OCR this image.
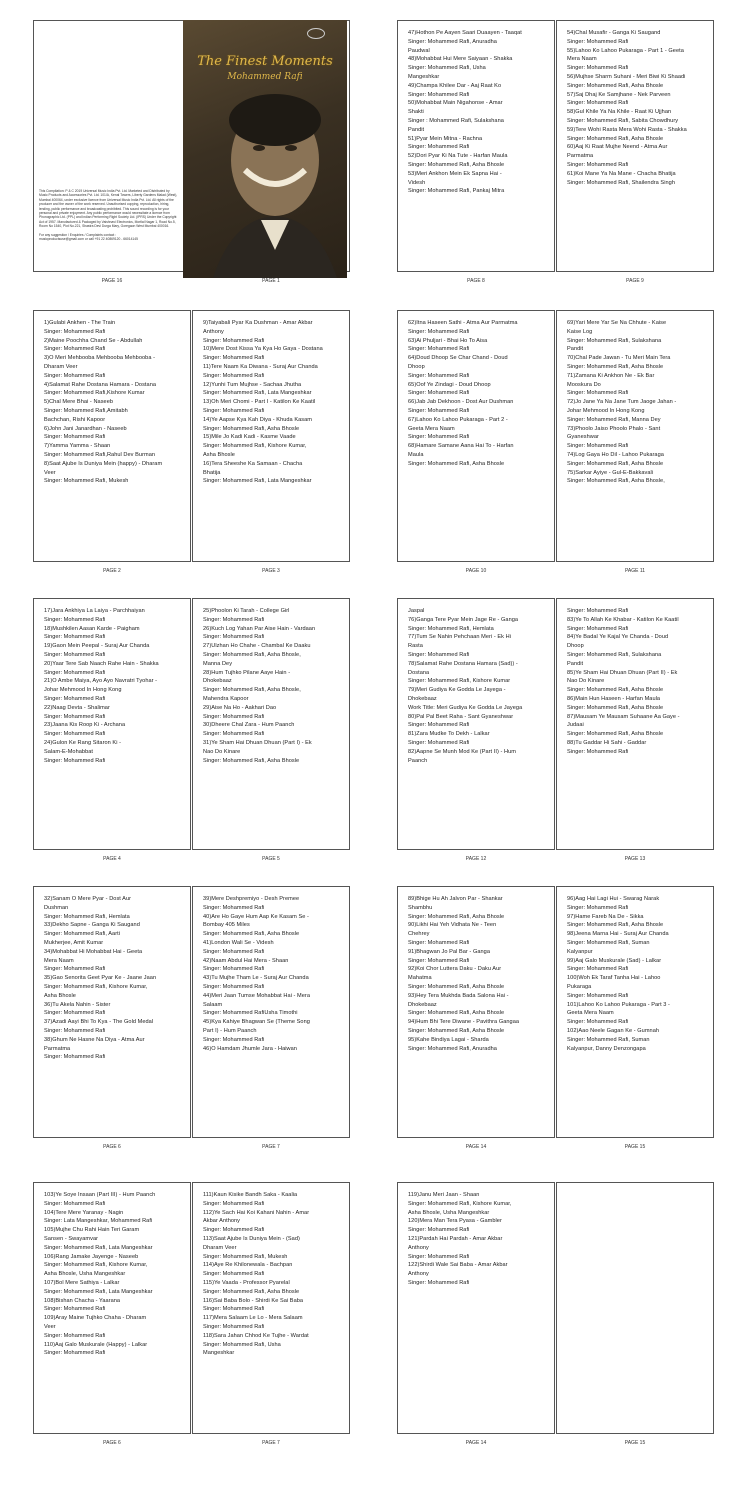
This Compilation: P & C 2019 Universal Music India Pvt. Ltd. Marketed and Distributed by Music Products and Accessories Pvt. Ltd. 101/A, Kenal Towers, Liberty Gardens Malad (West), Mumbai 400064, under exclusive licence from Universal Music India Pvt. Ltd. All rights of the producer and the owner of the work reserved. Unauthorised copying, reproduction, hiring, lending, public performance and broadcasting prohibited. This sound recording is for your personal and private enjoyment. Any public performance would necessitate a licence from Phonographic Ltd. (PPL) and Indian Performing Right Society Ltd. (IPRS) Under the Copyright Act of 1957. Manufactured & Packaged by Vaishnavi Electronics, Mortlal Nagar 1, Road No.5, Room No 1540, Plot No.221, Shastra Devi Durga Mary, Goregaon West Mumbai 400016.

For any suggestion / Enquiries / Complaints contact :
musicproductsuse@gmail.com or call +91 22 40869120 - 66014145
PAGE 16	PAGE 1
The Finest Moments
Mohammed Rafi
47)Hothon Pe Aayen Saari Duaayen - Taaqat
Singer: Mohammed Rafi, Anuradha
Paudwal
48)Mohabbat Hui Mere Saiyaan - Shakka
Singer: Mohammed Rafi, Usha
Mangeshkar
49)Champa Khilee Dar - Aaj Raat Ko
Singer: Mohammed Rafi
50)Mohabbat Main Nigahonse - Amar
Shakti
Singer : Mohammed Rafi, Sulakshana
Pandit
51)Pyar Mein Mitna - Rachna
Singer: Mohammed Rafi
52)Dori Pyar Ki Na Tute - Harfan Maula
Singer: Mohammed Rafi, Asha Bhosle
53)Meri Ankhon Mein Ek Sapna Hai -
Videsh
Singer: Mohammed Rafi, Pankaj Mitra
54)Chal Musafir - Ganga Ki Saugand
Singer: Mohammed Rafi
55)Lahoo Ko Lahoo Pukaraga - Part 1 - Geeta
Mera Naam
Singer: Mohammed Rafi
56)Mujhse Sharm Suhani - Meri Biwi Ki Shaadi
Singer: Mohammed Rafi, Asha Bhosle
57)Saj Dhaj Ke Samjhane - Nek Parveen
Singer: Mohammed Rafi
58)Gul Khile Ya Na Khile - Raat Ki Ujjhan
Singer: Mohammed Rafi, Sabita Chowdhury
59)Tere Wohi Rasta Mera Wohi Rasta - Shakka
Singer: Mohammed Rafi, Asha Bhosle
60)Aaj Ki Raat Mujhe Neend - Atma Aur
Parmatma
Singer: Mohammed Rafi
61)Koi Mane Ya Na Mane - Chacha Bhatija
Singer: Mohammed Rafi, Shailendra Singh
PAGE 8	PAGE 9
1)Gulabi Ankhen - The Train
Singer: Mohammed Rafi
2)Maine Poochha Chand Se - Abdullah
Singer: Mohammed Rafi
3)O Meri Mehbooba Mehbooba Mehbooba -
Dharam Veer
Singer: Mohammed Rafi
4)Salamat Rahe Dostana Hamara - Dostana
Singer: Mohammed Rafi,Kishore Kumar
5)Chal Mere Bhai - Naseeb
Singer: Mohammed Rafi,Amitabh
Bachchan, Rishi Kapoor
6)John Jani Janardhan - Naseeb
Singer: Mohammed Rafi
7)Yamma Yamma - Shaan
Singer: Mohammed Rafi,Rahul Dev Burman
8)Saat Ajube Is Duniya Mein (happy) - Dharam
Veer
Singer: Mohammed Rafi, Mukesh
9)Taiyabali Pyar Ka Dushman - Amar Akbar
Anthony
Singer: Mohammed Rafi
10)Mere Dost Kissa Ya Kya Ho Gaya - Dostana
Singer: Mohammed Rafi
11)Tere Naam Ka Diwana - Suraj Aur Chanda
Singer: Mohammed Rafi
12)Yunhi Tum Mujhse - Sachaa Jhutha
Singer: Mohammed Rafi, Lata Mangeshkar
13)Oh Meri Chomi - Part I - Katilon Ke Kaatil
Singer: Mohammed Rafi
14)Ye Aapse Kya Kah Diya - Khuda Kasam
Singer: Mohammed Rafi, Asha Bhosle
15)Mile Jo Kadi Kadi - Kasme Vaade
Singer: Mohammed Rafi, Kishore Kumar,
Asha Bhosle
16)Tera Sheeshe Ka Samaan - Chacha
Bhatija
Singer: Mohammed Rafi, Lata Mangeshkar
PAGE 2	PAGE 3
62)Itna Haseen Sathi - Atma Aur Parmatma
Singer: Mohammed Rafi
63)Ai Phuljari - Bhai Ho To Aisa
Singer: Mohammed Rafi
64)Doud Dhoop Se Char Chand - Doud
Dhoop
Singer: Mohammed Rafi
65)Oof Ye Zindagi - Doud Dhoop
Singer: Mohammed Rafi
66)Jab Jab Dekhoon - Dost Aur Dushman
Singer: Mohammed Rafi
67)Lahoo Ko Lahoo Pukaraga - Part 2 -
Geeta Mera Naam
Singer: Mohammed Rafi
68)Hamare Samane Aana Hai To - Harfan
Maula
Singer: Mohammed Rafi, Asha Bhosle
69)Yari Mere Yar Se Na Chhute - Kaise
Kaise Log
Singer: Mohammed Rafi, Sulakshana
Pandit
70)Chal Pade Jawan - Tu Meri Main Tera
Singer: Mohammed Rafi, Asha Bhosle
71)Zamana Ki Ankhon Ne - Ek Bar
Mooskura Do
Singer: Mohammed Rafi
72)Jo Jane Ya Na Jane Tum Jaoge Jahan -
Johar Mehmood In Hong Kong
Singer: Mohammed Rafi, Manna Dey
73)Phoolo Jaiso Phoolo Phalo - Sant
Gyaneshwar
Singer: Mohammed Rafi
74)Log Gaya Ho Dil - Lahoo Pukaraga
Singer: Mohammed Rafi, Asha Bhosle
75)Sarkar Ayiye - Gul-E-Bakkavali
Singer: Mohammed Rafi, Asha Bhosle,
PAGE 10	PAGE 11
17)Jara Ankhiya La Laiya - Parchhaiyan
Singer: Mohammed Rafi
18)Mushkilen Aasan Karde - Paigham
Singer: Mohammed Rafi
19)Gaon Mein Peepal - Suraj Aur Chanda
Singer: Mohammed Rafi
20)Yaar Tere Sab Naach Rahe Hain - Shakka
Singer: Mohammed Rafi
21)O Ambe Maiya, Ayo Ayo Navratri Tyohar -
Johar Mehmood In Hong Kong
Singer: Mohammed Rafi
22)Naag Devta - Shalimar
Singer: Mohammed Rafi
23)Jaana Kis Roop Ki - Archana
Singer: Mohammed Rafi
24)Gulon Ke Rang Sitaron Ki -
Salam-E-Mohabbat
Singer: Mohammed Rafi
25)Phoolon Ki Tarah - College Girl
Singer: Mohammed Rafi
26)Kuch Log Yahan Par Aise Hain - Vardaan
Singer: Mohammed Rafi
27)Ulzhan Ho Chahe - Chambal Ke Daaku
Singer: Mohammed Rafi, Asha Bhosle,
Manna Dey
28)Hum Tujhko Pilane Aaye Hain -
Dhokebaaz
Singer: Mohammed Rafi, Asha Bhosle,
Mahendra Kapoor
29)Aise Na Ho - Aakhari Dao
Singer: Mohammed Rafi
30)Dheere Chal Zara - Hum Paanch
Singer: Mohammed Rafi
31)Ye Sham Hai Dhuan Dhuan (Part I) - Ek
Nao Do Kinare
Singer: Mohammed Rafi, Asha Bhosle
PAGE 4	PAGE 5
Jaspal
76)Ganga Tere Pyar Mein Jage Re - Ganga
Singer: Mohammed Rafi, Hemlata
77)Tum Se Nahin Pehchaan Meri - Ek Hi
Rasta
Singer: Mohammed Rafi
78)Salamat Rahe Dostana Hamara (Sad)) -
Dostana
Singer: Mohammed Rafi, Kishore Kumar
79)Meri Gudiya Ke Godda Le Jayega -
Dhokebaaz
Work Title: Meri Gudiya Ke Godda Le Jayega
80)Pal Pal Beet Raha - Sant Gyaneshwar
Singer: Mohammed Rafi
81)Zara Mudke To Dekh - Lalkar
Singer: Mohammed Rafi
82)Aapne Se Munh Mod Ke (Part II) - Hum
Paanch
Singer: Mohammed Rafi
83)Ye To Allah Ke Khabar - Katilon Ke Kaatil
Singer: Mohammed Rafi
84)Ye Badal Ye Kajal Ye Chanda - Doud
Dhoop
Singer: Mohammed Rafi, Sulakshana
Pandit
85)Ye Sham Hai Dhuan Dhuan (Part II) - Ek
Nao Do Kinare
Singer: Mohammed Rafi, Asha Bhosle
86)Main Hun Haseen - Harfan Maula
Singer: Mohammed Rafi, Asha Bhosle
87)Mausam Ye Mausam Suhaane Aa Gaye -
Judaai
Singer: Mohammed Rafi, Asha Bhosle
88)Tu Gaddar Hi Sahi - Gaddar
Singer: Mohammed Rafi
PAGE 12	PAGE 13
32)Sanam O Mere Pyar - Dost Aur
Dushman
Singer: Mohammed Rafi, Hemlata
33)Dekho Sapne - Ganga Ki Saugand
Singer: Mohammed Rafi, Aarti
Mukherjee, Amit Kumar
34)Mohabbat Hi Mohabbat Hai - Geeta
Mera Naam
Singer: Mohammed Rafi
35)Gao Senorita Geet Pyar Ke - Jaane Jaan
Singer: Mohammed Rafi, Kishore Kumar,
Asha Bhosle
36)Tu Akela Nahin - Sister
Singer: Mohammed Rafi
37)Azadi Aayi Bhi To Kya - The Gold Medal
Singer: Mohammed Rafi
38)Ghum Ne Hasne Na Diya - Atma Aur
Parmatma
Singer: Mohammed Rafi
39)Mere Deshpremiyo - Desh Premee
Singer: Mohammed Rafi
40)Are Ho Gaye Hum Aap Ke Kasam Se -
Bombay 405 Miles
Singer: Mohammed Rafi, Asha Bhosle
41)London Wali Se - Videsh
Singer: Mohammed Rafi
42)Naam Abdul Hai Mera - Shaan
Singer: Mohammed Rafi
43)Tu Mujhe Tham Le - Suraj Aur Chanda
Singer: Mohammed Rafi
44)Meri Jaan Tumse Mohabbat Hai - Mera
Salaam
Singer: Mohammed RafiUsha Timothi
45)Kya Kahiye Bhagwan Se (Theme Song
Part I) - Hum Paanch
Singer: Mohammed Rafi
46)O Hamdam Jhumle Jara - Haiwan
PAGE 6	PAGE 7
89)Bhige Hu Ah Jalvon Par - Shankar
Shambhu
Singer: Mohammed Rafi, Asha Bhosle
90)Likhi Hai Yeh Vidhata Ne - Teen
Chehrey
Singer: Mohammed Rafi
91)Bhagwan Jo Pal Bar - Ganga
Singer: Mohammed Rafi
92)Koi Chor Luttera Daku - Daku Aur
Mahatma
Singer: Mohammed Rafi, Asha Bhosle
93)Hey Tera Mukhda Bada Salona Hai -
Dhokebaaz
Singer: Mohammed Rafi, Asha Bhosle
94)Hum Bhi Tere Diwane - Pavithra Gangaa
Singer: Mohammed Rafi, Asha Bhosle
95)Kahe Bindiya Lagai - Sharda
Singer: Mohammed Rafi, Anuradha
96)Aag Hai Lagi Hui - Swarag Narak
Singer: Mohammed Rafi
97)Hame Fareb Na De - Sikka
Singer: Mohammed Rafi, Asha Bhosle
98)Jeena Marna Hai - Suraj Aur Chanda
Singer: Mohammed Rafi, Suman
Kalyanpur
99)Aaj Galo Muskurale (Sad) - Lalkar
Singer: Mohammed Rafi
100)Woh Ek Taraf Tanha Hai - Lahoo
Pukaraga
Singer: Mohammed Rafi
101)Lahoo Ko Lahoo Pukaraga - Part 3 -
Geeta Mera Naam
Singer: Mohammed Rafi
102)Aao Neele Gagan Ke - Gumnah
Singer: Mohammed Rafi, Suman
Kalyanpur, Danny Denzongapa
PAGE 14	PAGE 15
103)Ye Soye Insaan (Part III) - Hum Paanch
Singer: Mohammed Rafi
104)Tere Mere Yaranay - Nagin
Singer: Lata Mangeshkar, Mohammed Rafi
105)Mujhe Chu Rahi Hain Teri Garam
Sansen - Swayamvar
Singer: Mohammed Rafi, Lata Mangeshkar
106)Rang Jamake Jayenge - Naseeb
Singer: Mohammed Rafi, Kishore Kumar,
Asha Bhosle, Usha Mangeshkar
107)Bol Mere Sathiya - Lalkar
Singer: Mohammed Rafi, Lata Mangeshkar
108)Bishan Chacha - Yaarana
Singer: Mohammed Rafi
109)Aray Maine Tujhko Chaha - Dharam
Veer
Singer: Mohammed Rafi
110)Aaj Galo Muskurale (Happy) - Lalkar
Singer: Mohammed Rafi
111)Kaun Kisike Bandh Saka - Kaalia
Singer: Mohammed Rafi
112)Ye Sach Hai Koi Kahani Nahin - Amar
Akbar Anthony
Singer: Mohammed Rafi
113)Saat Ajube Is Duniya Mein - (Sad)
Dharam Veer
Singer: Mohammed Rafi, Mukesh
114)Aye Re Khilonewala - Bachpan
Singer: Mohammed Rafi
115)Ye Vaada - Professor Pyarelal
Singer: Mohammed Rafi, Asha Bhosle
116)Sai Baba Bolo - Shirdi Ke Sai Baba
Singer: Mohammed Rafi
117)Mera Salaam Le Lo - Mera Salaam
Singer: Mohammed Rafi
118)Sara Jahan Chhod Ke Tujhe - Wardat
Singer: Mohammed Rafi, Usha
Mangeshkar
PAGE 6	PAGE 7
119)Janu Meri Jaan - Shaan
Singer: Mohammed Rafi, Kishore Kumar,
Asha Bhosle, Usha Mangeshkar
120)Mera Man Tera Pyasa - Gambler
Singer: Mohammed Rafi
121)Pardah Hai Pardah - Amar Akbar
Anthony
Singer: Mohammed Rafi
122)Shirdi Wale Sai Baba - Amar Akbar
Anthony
Singer: Mohammed Rafi
PAGE 14	PAGE 15
